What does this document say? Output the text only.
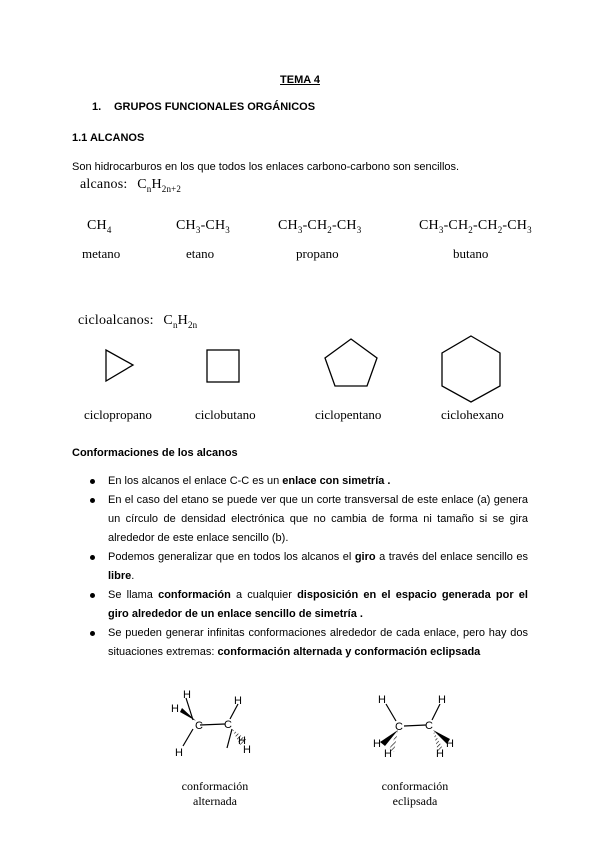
TEMA 4
1. GRUPOS FUNCIONALES ORGÁNICOS
1.1 ALCANOS
Son hidrocarburos en los que todos los enlaces carbono-carbono son sencillos.
alcanos: $C_nH_{2n+2}$
$CH_4$	$CH_3-CH_3$	$CH_3-CH_2-CH_3$	$CH_3-CH_2-CH_2-CH_3$
metano	etano	propano	butano
cicloalcanos: $C_nH_{2n}$
ciclopropano	ciclobutano	ciclopentano	ciclohexano
Conformaciones de los alcanos
En los alcanos el enlace C-C es un enlace con simetría .
En el caso del etano se puede ver que un corte transversal de este enlace (a) genera un círculo de densidad electrónica que no cambia de forma ni tamaño si se gira alrededor de este enlace sencillo (b).
Podemos generalizar que en todos los alcanos el giro a través del enlace sencillo es libre.
Se llama conformación a cualquier disposición en el espacio generada por el giro alrededor de un enlace sencillo de simetría .
Se pueden generar infinitas conformaciones alrededor de cada enlace, pero hay dos situaciones extremas: conformación alternada y conformación eclipsada
C C
H
H
H
H
H
H
C C
H	H
H
H	H
H
conformación
alternada
conformación
eclipsada
